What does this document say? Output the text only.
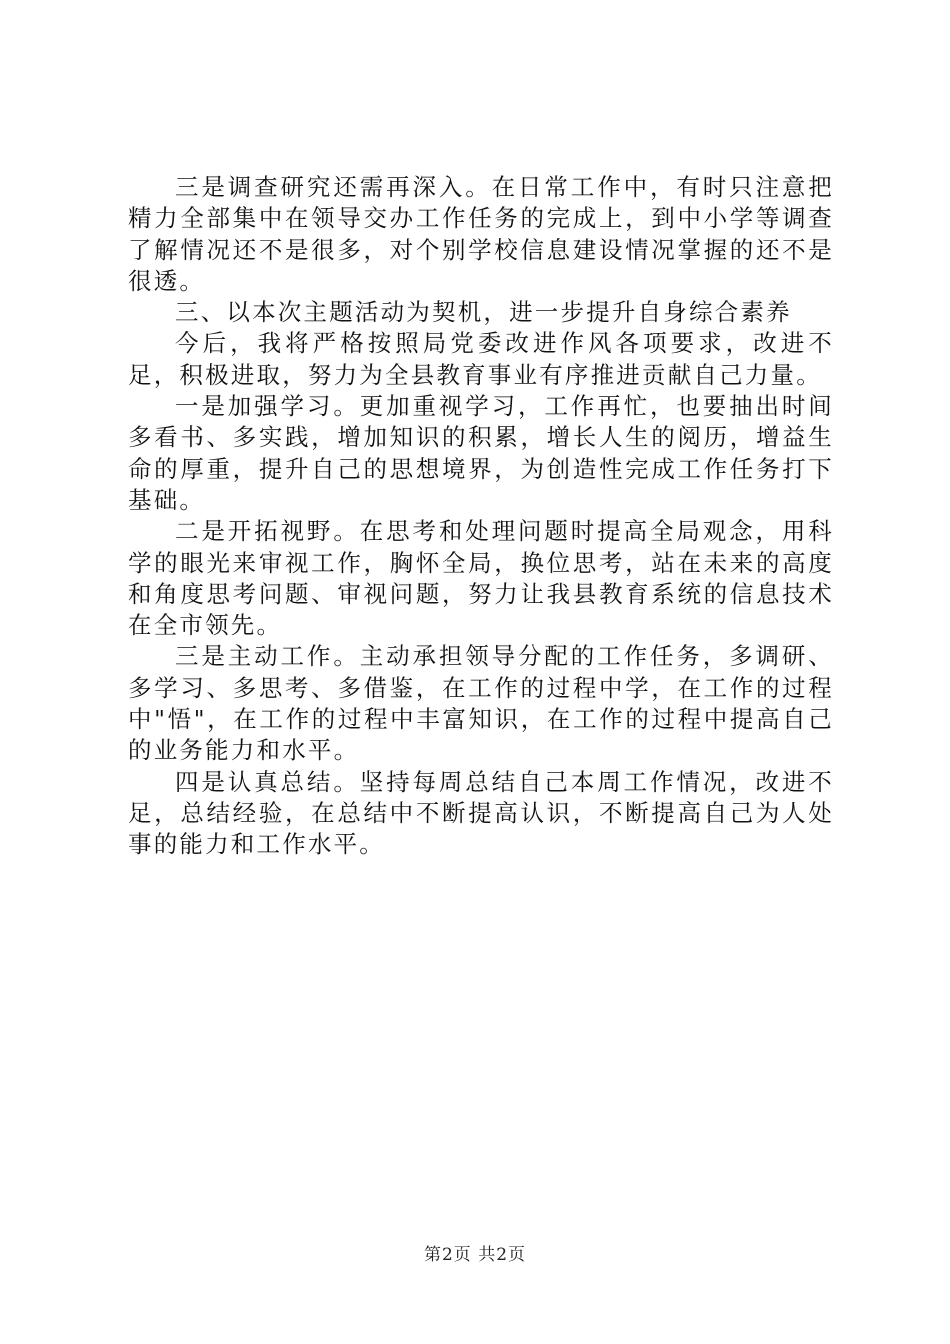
三是调查研究还需再深入。在日常工作中，有时只注意把精力全部集中在领导交办工作任务的完成上，到中小学等调查了解情况还不是很多，对个别学校信息建设情况掌握的还不是很透。

三、以本次主题活动为契机，进一步提升自身综合素养

今后，我将严格按照局党委改进作风各项要求，改进不足，积极进取，努力为全县教育事业有序推进贡献自己力量。

一是加强学习。更加重视学习，工作再忙，也要抽出时间多看书、多实践，增加知识的积累，增长人生的阅历，增益生命的厚重，提升自己的思想境界，为创造性完成工作任务打下基础。

二是开拓视野。在思考和处理问题时提高全局观念，用科学的眼光来审视工作，胸怀全局，换位思考，站在未来的高度和角度思考问题、审视问题，努力让我县教育系统的信息技术在全市领先。

三是主动工作。主动承担领导分配的工作任务，多调研、多学习、多思考、多借鉴，在工作的过程中学，在工作的过程中"悟"，在工作的过程中丰富知识，在工作的过程中提高自己的业务能力和水平。

四是认真总结。坚持每周总结自己本周工作情况，改进不足，总结经验，在总结中不断提高认识，不断提高自己为人处事的能力和工作水平。

第2页 共2页
